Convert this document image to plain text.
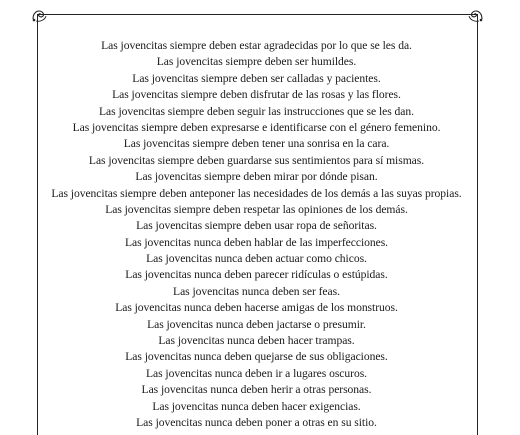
Las jovencitas siempre deben estar agradecidas por lo que se les da.
Las jovencitas siempre deben ser humildes.
Las jovencitas siempre deben ser calladas y pacientes.
Las jovencitas siempre deben disfrutar de las rosas y las flores.
Las jovencitas siempre deben seguir las instrucciones que se les dan.
Las jovencitas siempre deben expresarse e identificarse con el género femenino.
Las jovencitas siempre deben tener una sonrisa en la cara.
Las jovencitas siempre deben guardarse sus sentimientos para sí mismas.
Las jovencitas siempre deben mirar por dónde pisan.
Las jovencitas siempre deben anteponer las necesidades de los demás a las suyas propias.
Las jovencitas siempre deben respetar las opiniones de los demás.
Las jovencitas siempre deben usar ropa de señoritas.
Las jovencitas nunca deben hablar de las imperfecciones.
Las jovencitas nunca deben actuar como chicos.
Las jovencitas nunca deben parecer ridículas o estúpidas.
Las jovencitas nunca deben ser feas.
Las jovencitas nunca deben hacerse amigas de los monstruos.
Las jovencitas nunca deben jactarse o presumir.
Las jovencitas nunca deben hacer trampas.
Las jovencitas nunca deben quejarse de sus obligaciones.
Las jovencitas nunca deben ir a lugares oscuros.
Las jovencitas nunca deben herir a otras personas.
Las jovencitas nunca deben hacer exigencias.
Las jovencitas nunca deben poner a otras en su sitio.
